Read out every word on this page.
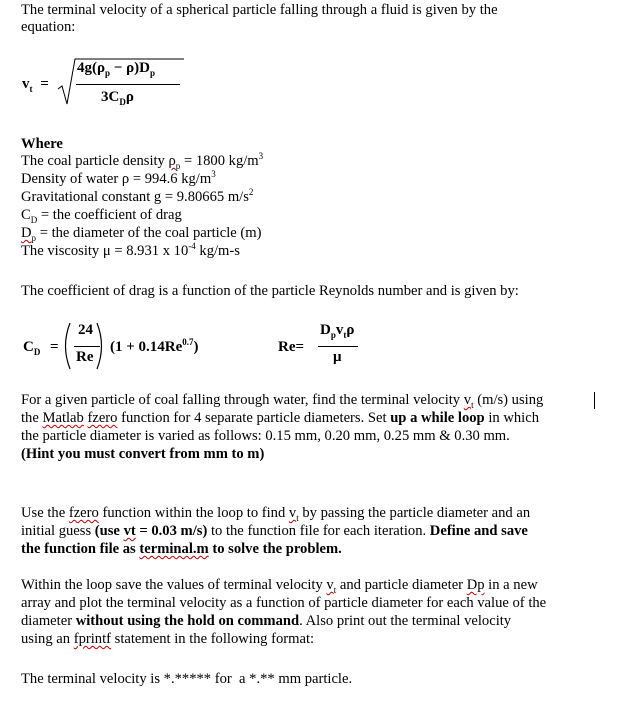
The terminal velocity of a spherical particle falling through a fluid is given by the
equation:
$v_t$ =
$4g(\rho_p - \rho)D_p$
$3C_D\rho$
Where
The coal particle density $\rho_p = 1800$ $kg/m^3$
Density of water ρ = 994.6 $kg/m^3$
Gravitational constant g = 9.80665 $m/s^2$
$C_D$ = the coefficient of drag
$D_p$ = the diameter of the coal particle (m)
The viscosity μ = 8.931 x $10^{-4}$ kg/m-s
The coefficient of drag is a function of the particle Reynolds number and is given by:
$C_D$ =
24
Re
$(1 + 0.14Re^{0.7})$	Re=
$D_pv_t\rho$
μ
For a given particle of coal falling through water, find the terminal velocity $v_t$ (m/s) using
the Matlab fzero function for 4 separate particle diameters. Set up a while loop in which
the particle diameter is varied as follows: 0.15 mm, 0.20 mm, 0.25 mm & 0.30 mm.
(Hint you must convert from mm to m)
Use the fzero function within the loop to find $v_t$ by passing the particle diameter and an
initial guess (use vt = 0.03 m/s) to the function file for each iteration. Define and save
the function file as terminal.m to solve the problem.
Within the loop save the values of terminal velocity $v_t$ and particle diameter Dp in a new
array and plot the terminal velocity as a function of particle diameter for each value of the
diameter without using the hold on command. Also print out the terminal velocity
using an fprintf statement in the following format:
The terminal velocity is *.***** for  a *.** mm particle.
